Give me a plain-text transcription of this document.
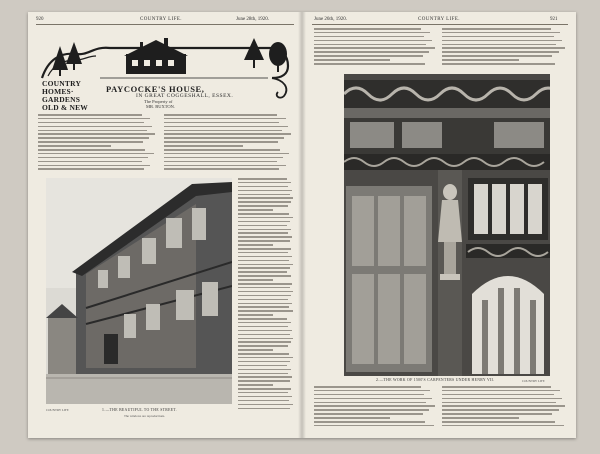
920	COUNTRY LIFE.	June 28th, 1920.
COUNTRY
HOMES·
GARDENS
OLD & NEW
PAYCOCKE'S HOUSE,
IN GREAT COGGESHALL, ESSEX.
The Property of
MR. BUXTON.
COUNTRY LIFE	1.—THE BEAUTIFUL TO THE STREET.
The windows are reproductions.
June 26th, 1920.	COUNTRY LIFE.	921
2.—THE WORK OF 1500'S CARPENTERS UNDER HENRY VII.	COUNTRY LIFE
